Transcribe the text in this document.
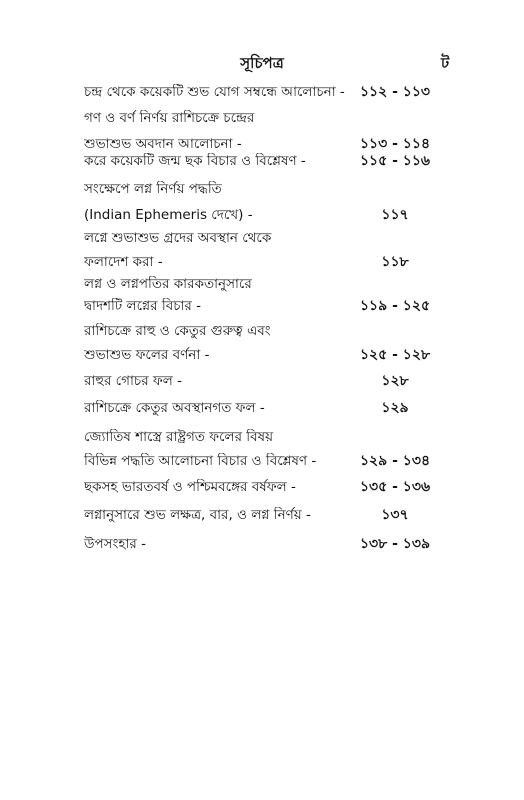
সূচিপত্র	ট
চন্দ্র থেকে কয়েকটি শুভ যোগ সম্বন্ধে আলোচনা -	১১২ - ১১৩
গণ ও বর্ণ নির্ণয় রাশিচক্রে চন্দ্রের
শুভাশুভ অবদান আলোচনা -	১১৩ - ১১৪
করে কয়েকটি জন্ম ছক বিচার ও বিশ্লেষণ -	১১৫ - ১১৬
সংক্ষেপে লগ্ন নির্ণয় পদ্ধতি
(Indian Ephemeris দেখে) -	১১৭
লগ্নে শুভাশুভ গ্রদের অবস্থান থেকে
ফলাদেশ করা -	১১৮
লগ্ন ও লগ্নপতির কারকতানুসারে
দ্বাদশটি লগ্নের বিচার -	১১৯ - ১২৫
রাশিচক্রে রাহু ও কেতুর গুরুত্ব এবং
শুভাশুভ ফলের বর্ণনা -	১২৫ - ১২৮
রাহুর গোচর ফল -	১২৮
রাশিচক্রে কেতুর অবস্থানগত ফল -	১২৯
জ্যোতিষ শাস্ত্রে রাষ্ট্রগত ফলের বিষয়
বিভিন্ন পদ্ধতি আলোচনা বিচার ও বিশ্লেষণ -	১২৯ - ১৩৪
ছকসহ ভারতবর্ষ ও পশ্চিমবঙ্গের বর্ষফল -	১৩৫ - ১৩৬
লগ্নানুসারে শুভ লক্ষত্র, বার, ও লগ্ন নির্ণয় -	১৩৭
উপসংহার -	১৩৮ - ১৩৯
